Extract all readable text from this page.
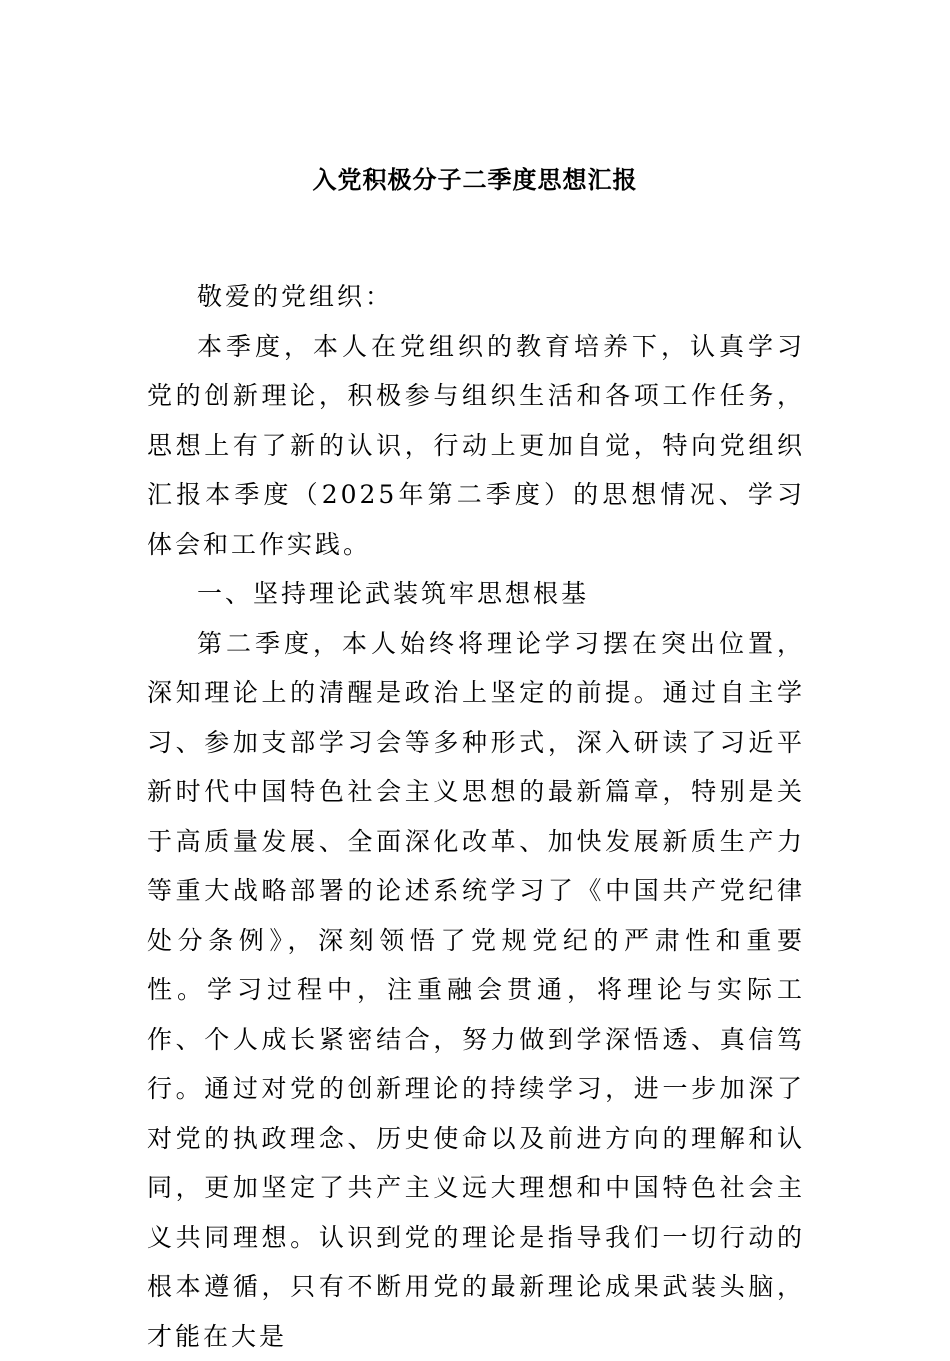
入党积极分子二季度思想汇报

敬爱的党组织：

本季度，本人在党组织的教育培养下，认真学习党的创新理论，积极参与组织生活和各项工作任务，思想上有了新的认识，行动上更加自觉，特向党组织汇报本季度（2025年第二季度）的思想情况、学习体会和工作实践。

一、坚持理论武装筑牢思想根基

第二季度，本人始终将理论学习摆在突出位置，深知理论上的清醒是政治上坚定的前提。通过自主学习、参加支部学习会等多种形式，深入研读了习近平新时代中国特色社会主义思想的最新篇章，特别是关于高质量发展、全面深化改革、加快发展新质生产力等重大战略部署的论述系统学习了《中国共产党纪律处分条例》，深刻领悟了党规党纪的严肃性和重要性。学习过程中，注重融会贯通，将理论与实际工作、个人成长紧密结合，努力做到学深悟透、真信笃行。通过对党的创新理论的持续学习，进一步加深了对党的执政理念、历史使命以及前进方向的理解和认同，更加坚定了共产主义远大理想和中国特色社会主义共同理想。认识到党的理论是指导我们一切行动的根本遵循，只有不断用党的最新理论成果武装头脑，才能在大是
